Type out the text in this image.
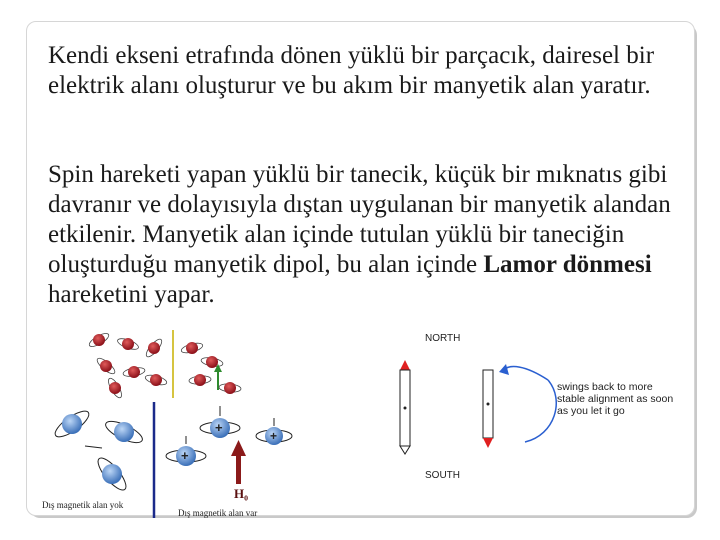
Kendi ekseni etrafında dönen yüklü bir parçacık, dairesel bir elektrik alanı oluşturur ve bu akım bir manyetik alan yaratır.

Spin hareketi yapan yüklü bir tanecik, küçük bir mıknatıs gibi davranır ve dolayısıyla dıştan uygulanan bir manyetik alandan etkilenir. Manyetik alan içinde tutulan yüklü bir taneciğin oluşturduğu manyetik dipol, bu alan içinde Lamor dönmesi hareketini yapar.

+
+
+
H₀
Dış magnetik alan yok
Dış magnetik alan var
NORTH
SOUTH
swings back to more stable alignment as soon as you let it go
